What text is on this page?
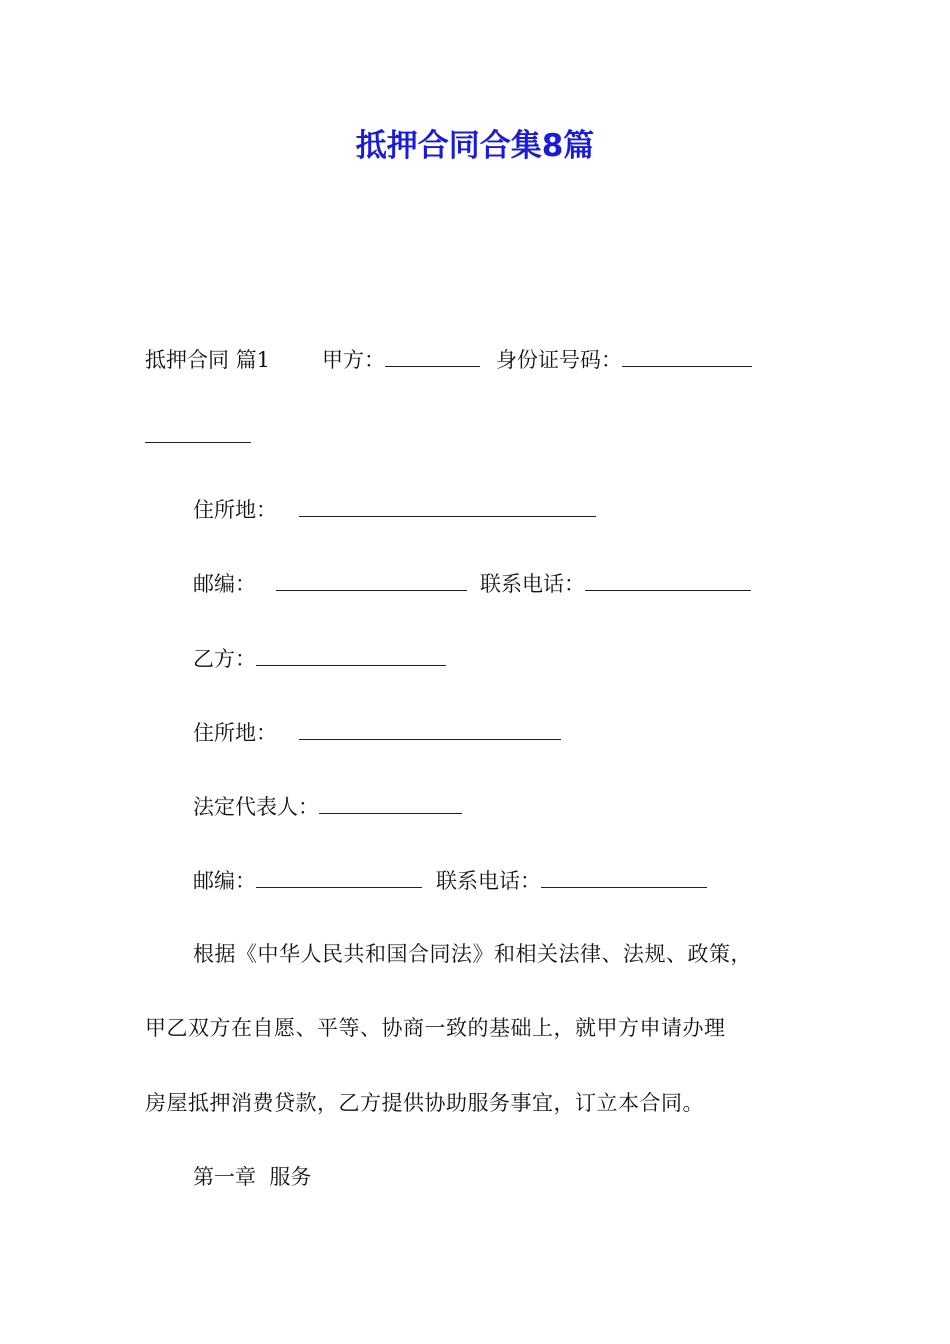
抵押合同合集8篇
抵押合同 篇1 甲方：	身份证号码：
住所地：
邮编：	联系电话：
乙方：
住所地：
法定代表人：
邮编：	联系电话：
根据《中华人民共和国合同法》和相关法律、法规、政策，
甲乙双方在自愿、平等、协商一致的基础上，就甲方申请办理
房屋抵押消费贷款，乙方提供协助服务事宜，订立本合同。
第一章  服务
